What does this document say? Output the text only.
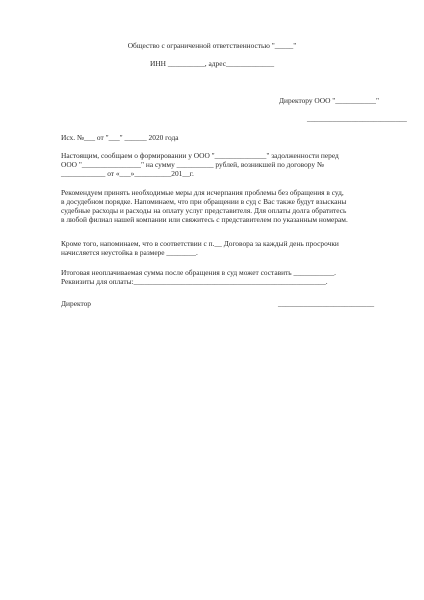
Общество с ограниченной ответственностью "_____"
ИНН __________, адрес_____________
Директору ООО "___________"
___________________________
Исх. №___ от "___" ______ 2020 года
Настоящим, сообщаем о формировании у ООО "______________" задолженности перед
ООО "________________" на сумму __________ рублей, возникшей по договору №
____________ от «___»__________201__г.
Рекомендуем принять необходимые меры для исчерпания проблемы без обращения в суд,
в досудебном порядке. Напоминаем, что при обращении в суд с Вас также будут взысканы
судебные расходы и расходы на оплату услуг представителя. Для оплаты долга обратитесь
в любой филиал нашей компании или свяжитесь с представителем по указанным номерам.
Кроме того, напоминаем, что в соответствии с п.__ Договора за каждый день просрочки
начисляется неустойка в размере ________.
Итоговая неоплачиваемая сумма после обращения в суд может составить ___________.
Реквизиты для оплаты:____________________________________________________.
Директор	__________________________
